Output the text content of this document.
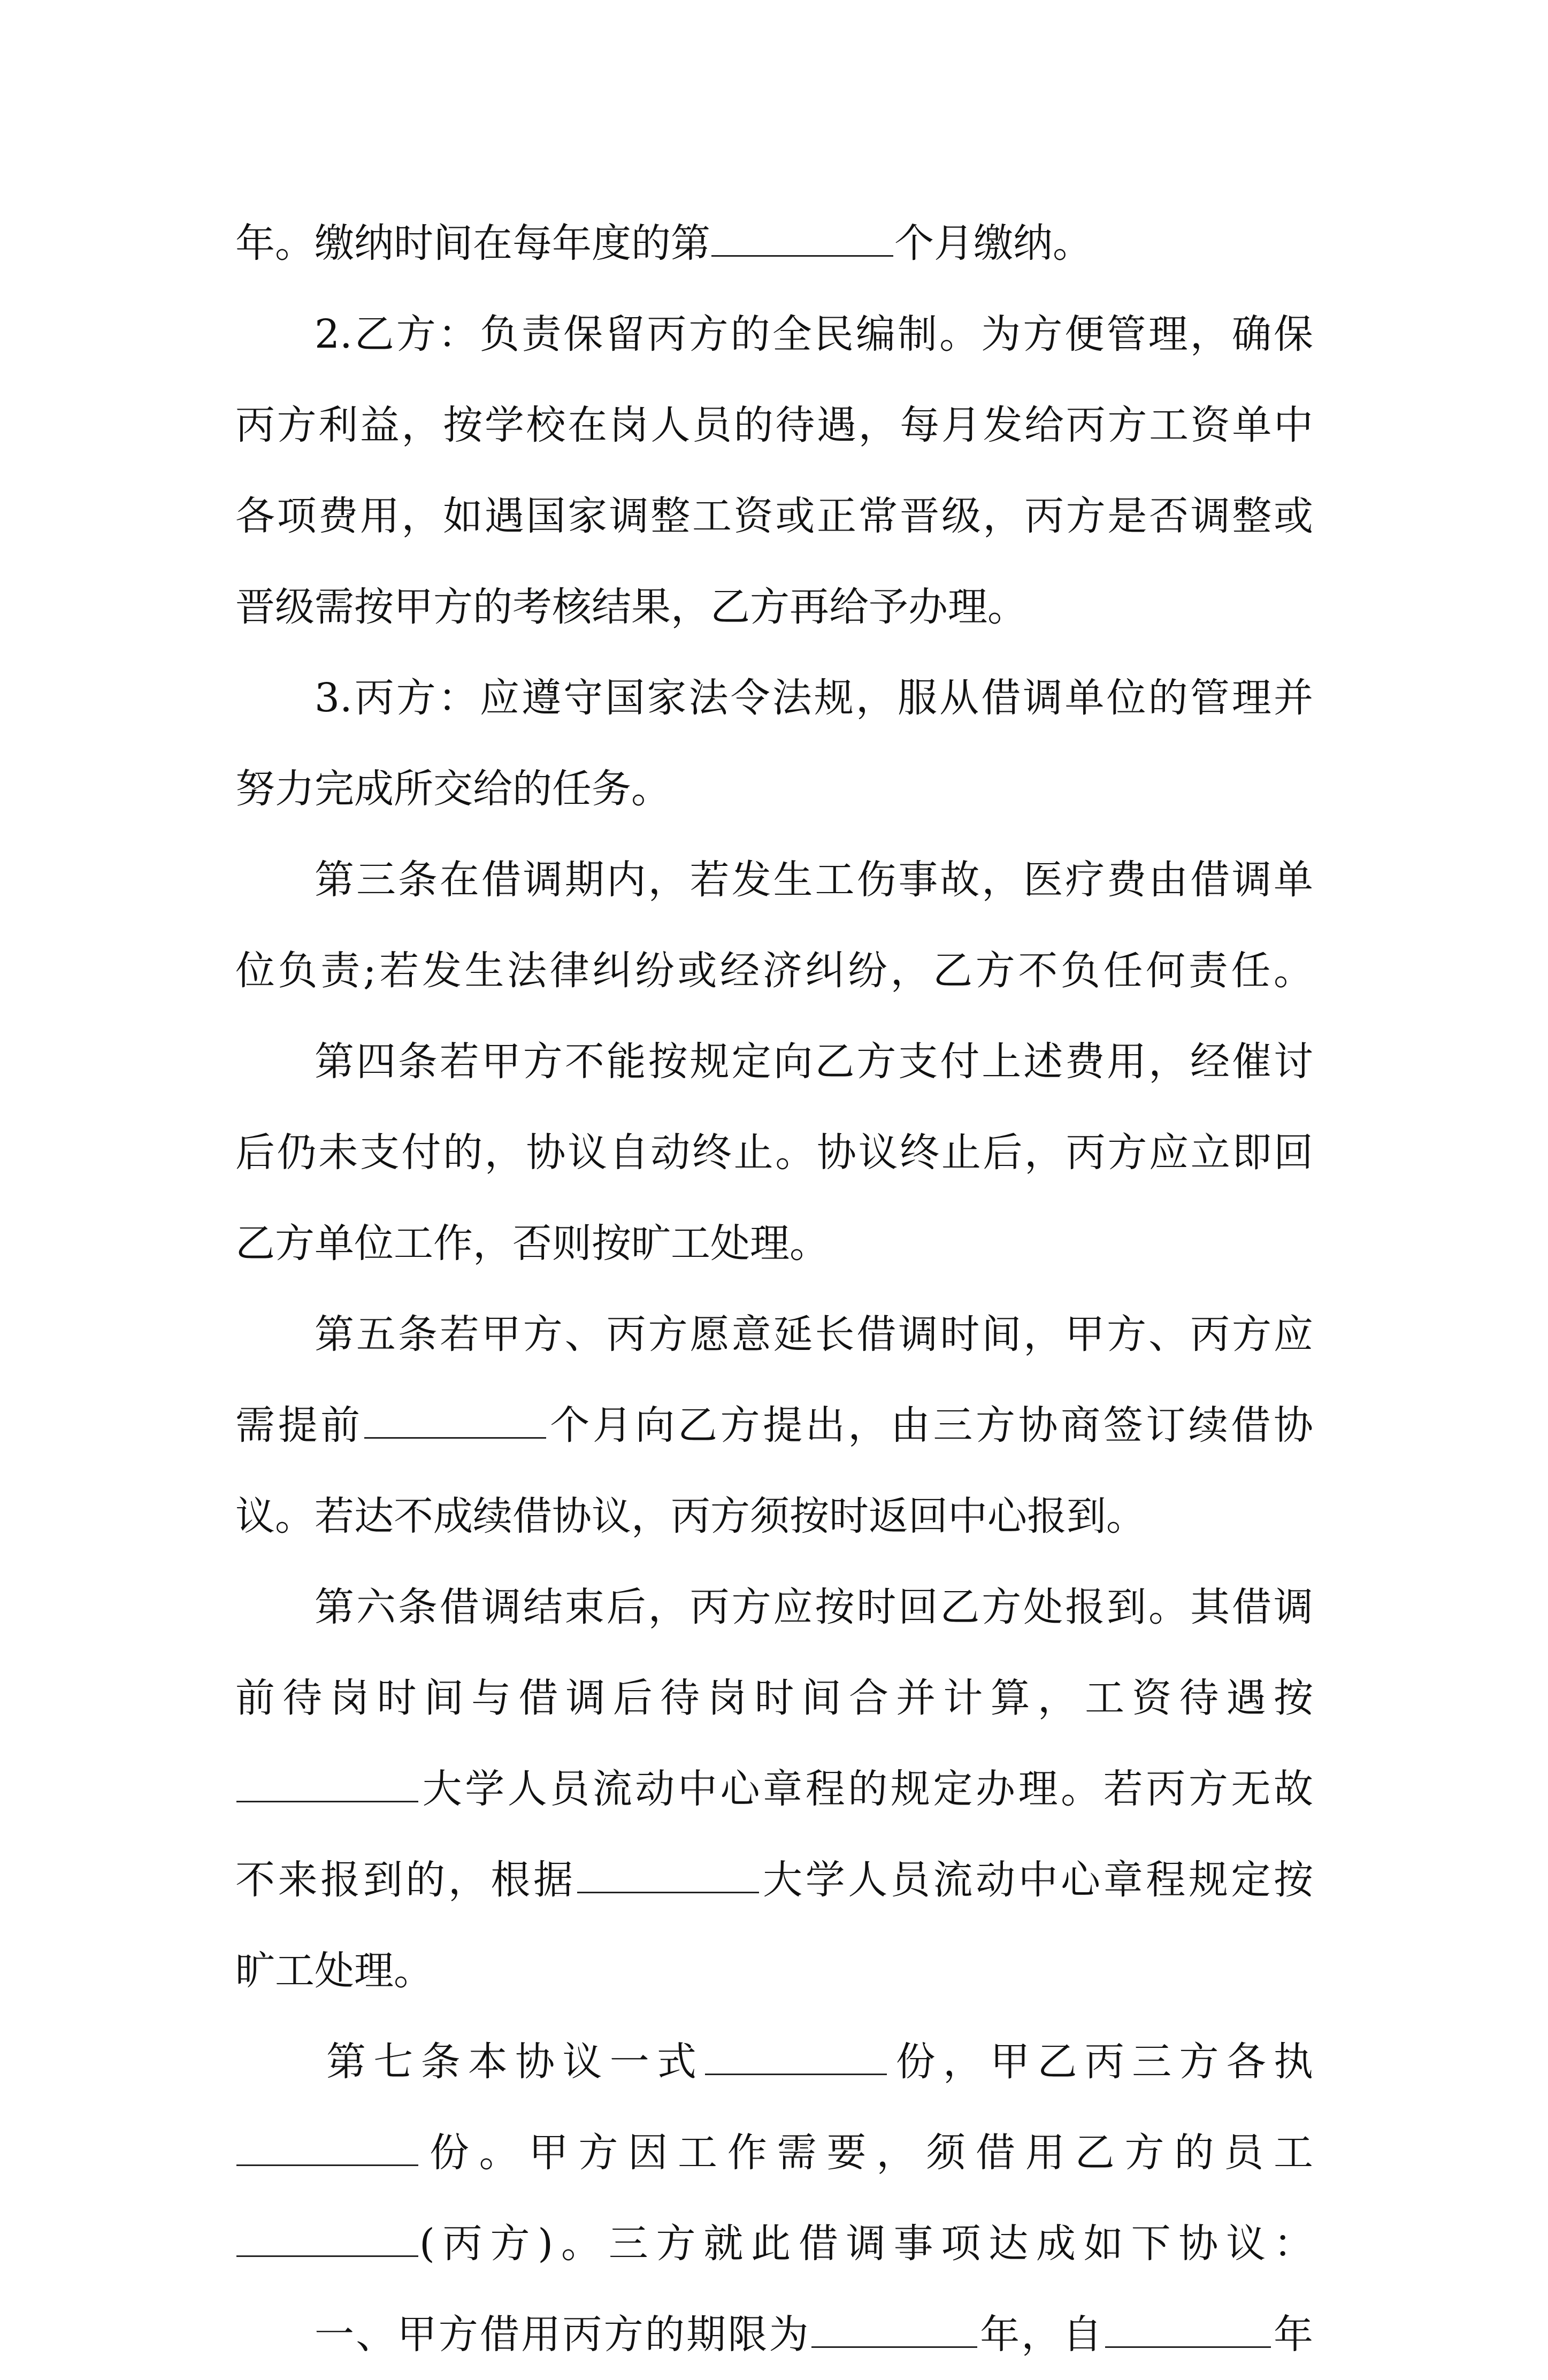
年。缴纳时间在每年度的第	个月缴纳。
2.乙方：负责保留丙方的全民编制。为方便管理，确保
丙方利益，按学校在岗人员的待遇，每月发给丙方工资单中
各项费用，如遇国家调整工资或正常晋级，丙方是否调整或
晋级需按甲方的考核结果，乙方再给予办理。
3.丙方：应遵守国家法令法规，服从借调单位的管理并
努力完成所交给的任务。
第三条在借调期内，若发生工伤事故，医疗费由借调单
位负责;若发生法律纠纷或经济纠纷，乙方不负任何责任。
第四条若甲方不能按规定向乙方支付上述费用，经催讨
后仍未支付的，协议自动终止。协议终止后，丙方应立即回
乙方单位工作，否则按旷工处理。
第五条若甲方、丙方愿意延长借调时间，甲方、丙方应
需提前	个月向乙方提出，由三方协商签订续借协
议。若达不成续借协议，丙方须按时返回中心报到。
第六条借调结束后，丙方应按时回乙方处报到。其借调
前待岗时间与借调后待岗时间合并计算，工资待遇按
大学人员流动中心章程的规定办理。若丙方无故
不来报到的，根据	大学人员流动中心章程规定按
旷工处理。
第七条本协议一式	份，甲乙丙三方各执
份。甲方因工作需要，须借用乙方的员工
(丙方)。三方就此借调事项达成如下协议：
一、甲方借用丙方的期限为	年，自	年
